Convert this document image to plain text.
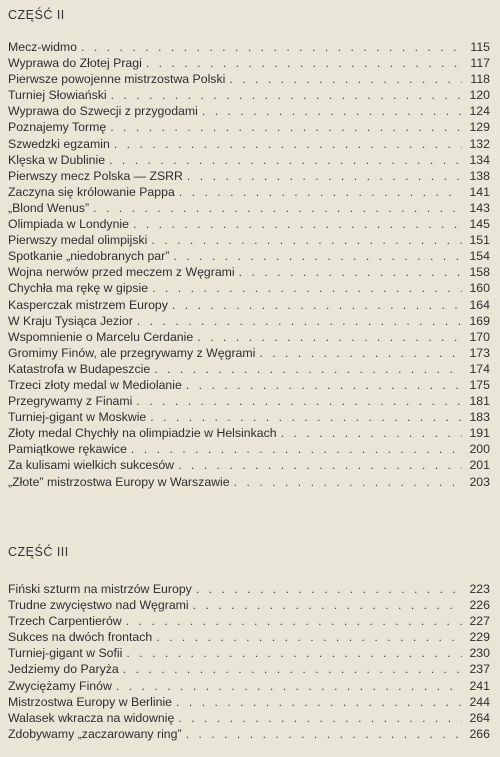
CZĘŚĆ II
Mecz-widmo . . .	115
Wyprawa do Złotej Pragi . . .	117
Pierwsze powojenne mistrzostwa Polski . . .	118
Turniej Słowiański . . .	120
Wyprawa do Szwecji z przygodami . . .	124
Poznajemy Tormę . . .	129
Szwedzki egzamin . . .	132
Klęska w Dublinie . . .	134
Pierwszy mecz Polska — ZSRR . . .	138
Zaczyna się królowanie Pappa . . .	141
„Blond Wenus” . . .	143
Olimpiada w Londynie . . .	145
Pierwszy medal olimpijski . . .	151
Spotkanie „niedobranych par” . . .	154
Wojna nerwów przed meczem z Węgrami . . .	158
Chychła ma rękę w gipsie . . .	160
Kasperczak mistrzem Europy . . .	164
W Kraju Tysiąca Jezior . . .	169
Wspomnienie o Marcelu Cerdanie . . .	170
Gromimy Finów, ale przegrywamy z Węgrami . . .	173
Katastrofa w Budapeszcie . . .	174
Trzeci złoty medal w Mediolanie . . .	175
Przegrywamy z Finami . . .	181
Turniej-gigant w Moskwie . . .	183
Złoty medal Chychły na olimpiadzie w Helsinkach . . .	191
Pamiątkowe rękawice . . .	200
Za kulisami wielkich sukcesów . . .	201
„Złote” mistrzostwa Europy w Warszawie . . .	203
CZĘŚĆ III
Fiński szturm na mistrzów Europy . . .	223
Trudne zwycięstwo nad Węgrami . . .	226
Trzech Carpentierów . . .	227
Sukces na dwóch frontach . . .	229
Turniej-gigant w Sofii . . .	230
Jedziemy do Paryża . . .	237
Zwyciężamy Finów . . .	241
Mistrzostwa Europy w Berlinie . . .	244
Walasek wkracza na widownię . . .	264
Zdobywamy „zaczarowany ring” . . .	266
